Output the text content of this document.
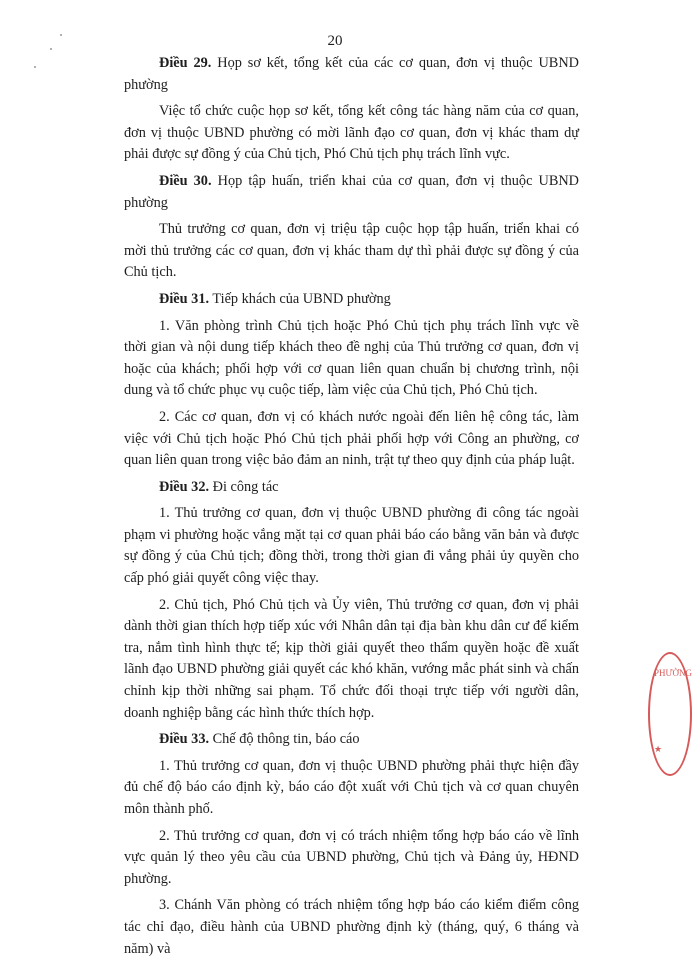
20

Điều 29. Họp sơ kết, tổng kết của các cơ quan, đơn vị thuộc UBND phường

Việc tổ chức cuộc họp sơ kết, tổng kết công tác hàng năm của cơ quan, đơn vị thuộc UBND phường có mời lãnh đạo cơ quan, đơn vị khác tham dự phải được sự đồng ý của Chủ tịch, Phó Chủ tịch phụ trách lĩnh vực.

Điều 30. Họp tập huấn, triển khai của cơ quan, đơn vị thuộc UBND phường

Thủ trưởng cơ quan, đơn vị triệu tập cuộc họp tập huấn, triển khai có mời thủ trưởng các cơ quan, đơn vị khác tham dự thì phải được sự đồng ý của Chủ tịch.

Điều 31. Tiếp khách của UBND phường

1. Văn phòng trình Chủ tịch hoặc Phó Chủ tịch phụ trách lĩnh vực về thời gian và nội dung tiếp khách theo đề nghị của Thủ trưởng cơ quan, đơn vị hoặc của khách; phối hợp với cơ quan liên quan chuẩn bị chương trình, nội dung và tổ chức phục vụ cuộc tiếp, làm việc của Chủ tịch, Phó Chủ tịch.

2. Các cơ quan, đơn vị có khách nước ngoài đến liên hệ công tác, làm việc với Chủ tịch hoặc Phó Chủ tịch phải phối hợp với Công an phường, cơ quan liên quan trong việc bảo đảm an ninh, trật tự theo quy định của pháp luật.

Điều 32. Đi công tác

1. Thủ trưởng cơ quan, đơn vị thuộc UBND phường đi công tác ngoài phạm vi phường hoặc vắng mặt tại cơ quan phải báo cáo bằng văn bản và được sự đồng ý của Chủ tịch; đồng thời, trong thời gian đi vắng phải ủy quyền cho cấp phó giải quyết công việc thay.

2. Chủ tịch, Phó Chủ tịch và Ủy viên, Thủ trưởng cơ quan, đơn vị phải dành thời gian thích hợp tiếp xúc với Nhân dân tại địa bàn khu dân cư để kiểm tra, nắm tình hình thực tế; kịp thời giải quyết theo thẩm quyền hoặc đề xuất lãnh đạo UBND phường giải quyết các khó khăn, vướng mắc phát sinh và chấn chỉnh kịp thời những sai phạm. Tổ chức đối thoại trực tiếp với người dân, doanh nghiệp bằng các hình thức thích hợp.

Điều 33. Chế độ thông tin, báo cáo

1. Thủ trưởng cơ quan, đơn vị thuộc UBND phường phải thực hiện đầy đủ chế độ báo cáo định kỳ, báo cáo đột xuất với Chủ tịch và cơ quan chuyên môn thành phố.

2. Thủ trưởng cơ quan, đơn vị có trách nhiệm tổng hợp báo cáo về lĩnh vực quản lý theo yêu cầu của UBND phường, Chủ tịch và Đảng ủy, HĐND phường.

3. Chánh Văn phòng có trách nhiệm tổng hợp báo cáo kiểm điểm công tác chỉ đạo, điều hành của UBND phường định kỳ (tháng, quý, 6 tháng và năm) và

PHƯỜNG
★
